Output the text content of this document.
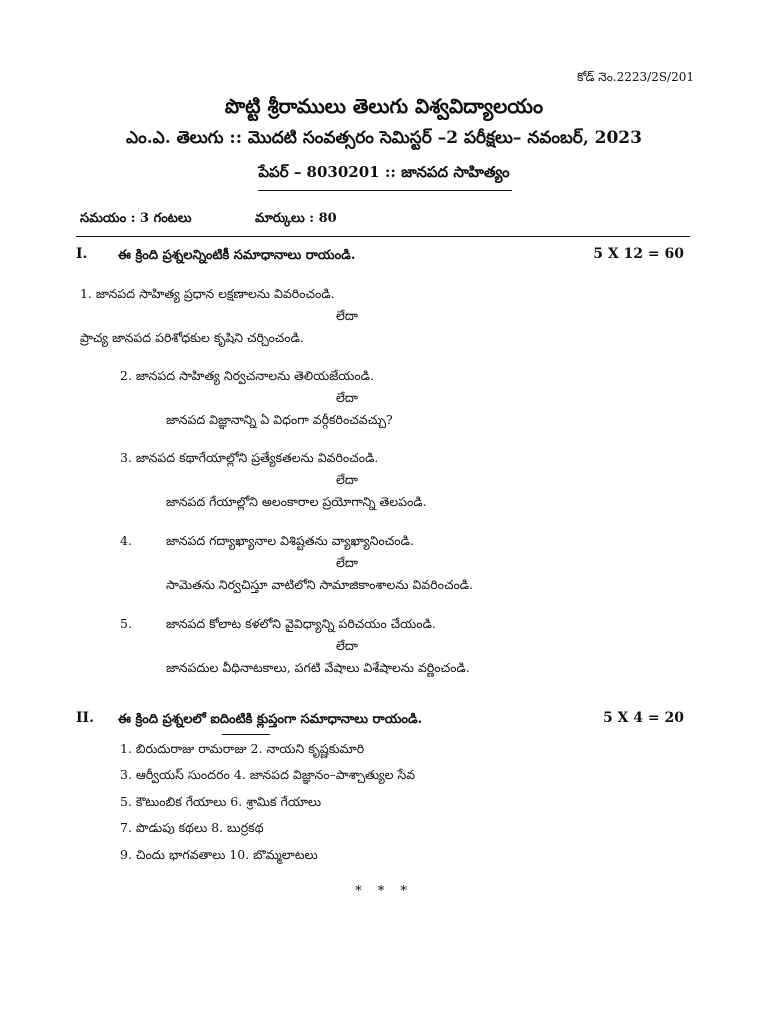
కోడ్ నెం.2223/2S/201
పొట్టి శ్రీరాములు తెలుగు విశ్వవిద్యాలయం
ఎం.ఎ. తెలుగు :: మొదటి సంవత్సరం సెమిస్టర్ –2 పరీక్షలు– నవంబర్, 2023
పేపర్ – 8030201 :: జానపద సాహిత్యం
సమయం : 3 గంటలు	మార్కులు : 80
I. ఈ క్రింది ప్రశ్నలన్నింటికీ సమాధానాలు రాయండి.	5 X 12 = 60
1. జానపద సాహిత్య ప్రధాన లక్షణాలను వివరించండి.
లేదా
ప్రాచ్య జానపద పరిశోధకుల కృషిని చర్చించండి.
2. జానపద సాహిత్య నిర్వచనాలను తెలియజేయండి.
లేదా
జానపద విజ్ఞానాన్ని ఏ విధంగా వర్గీకరించవచ్చు?
3. జానపద కథాగేయాల్లోని ప్రత్యేకతలను వివరించండి.
లేదా
జానపద గేయాల్లోని అలంకారాల ప్రయోగాన్ని తెలపండి.
4.	జానపద గద్యాఖ్యానాల విశిష్టతను వ్యాఖ్యానించండి.
లేదా
సామెతను నిర్వచిస్తూ వాటిలోని సామాజికాంశాలను వివరించండి.
5.	జానపద కోలాట కళలోని వైవిధ్యాన్ని పరిచయం చేయండి.
లేదా
జానపదుల వీధినాటకాలు, పగటి వేషాలు విశేషాలను వర్ణించండి.
II. ఈ క్రింది ప్రశ్నలలో ఐదింటికి క్లుప్తంగా సమాధానాలు రాయండి.	5 X 4 = 20
1. బిరుదురాజు రామరాజు 2. నాయని కృష్ణకుమారి
3. ఆర్వీయస్ సుందరం 4. జానపద విజ్ఞానం–పాశ్చాత్యుల సేవ
5. కౌటుంబిక గేయాలు 6. శ్రామిక గేయాలు
7. పొడుపు కథలు 8. బుర్రకథ
9. చిందు భాగవతాలు 10. బొమ్మలాటలు
* * *
